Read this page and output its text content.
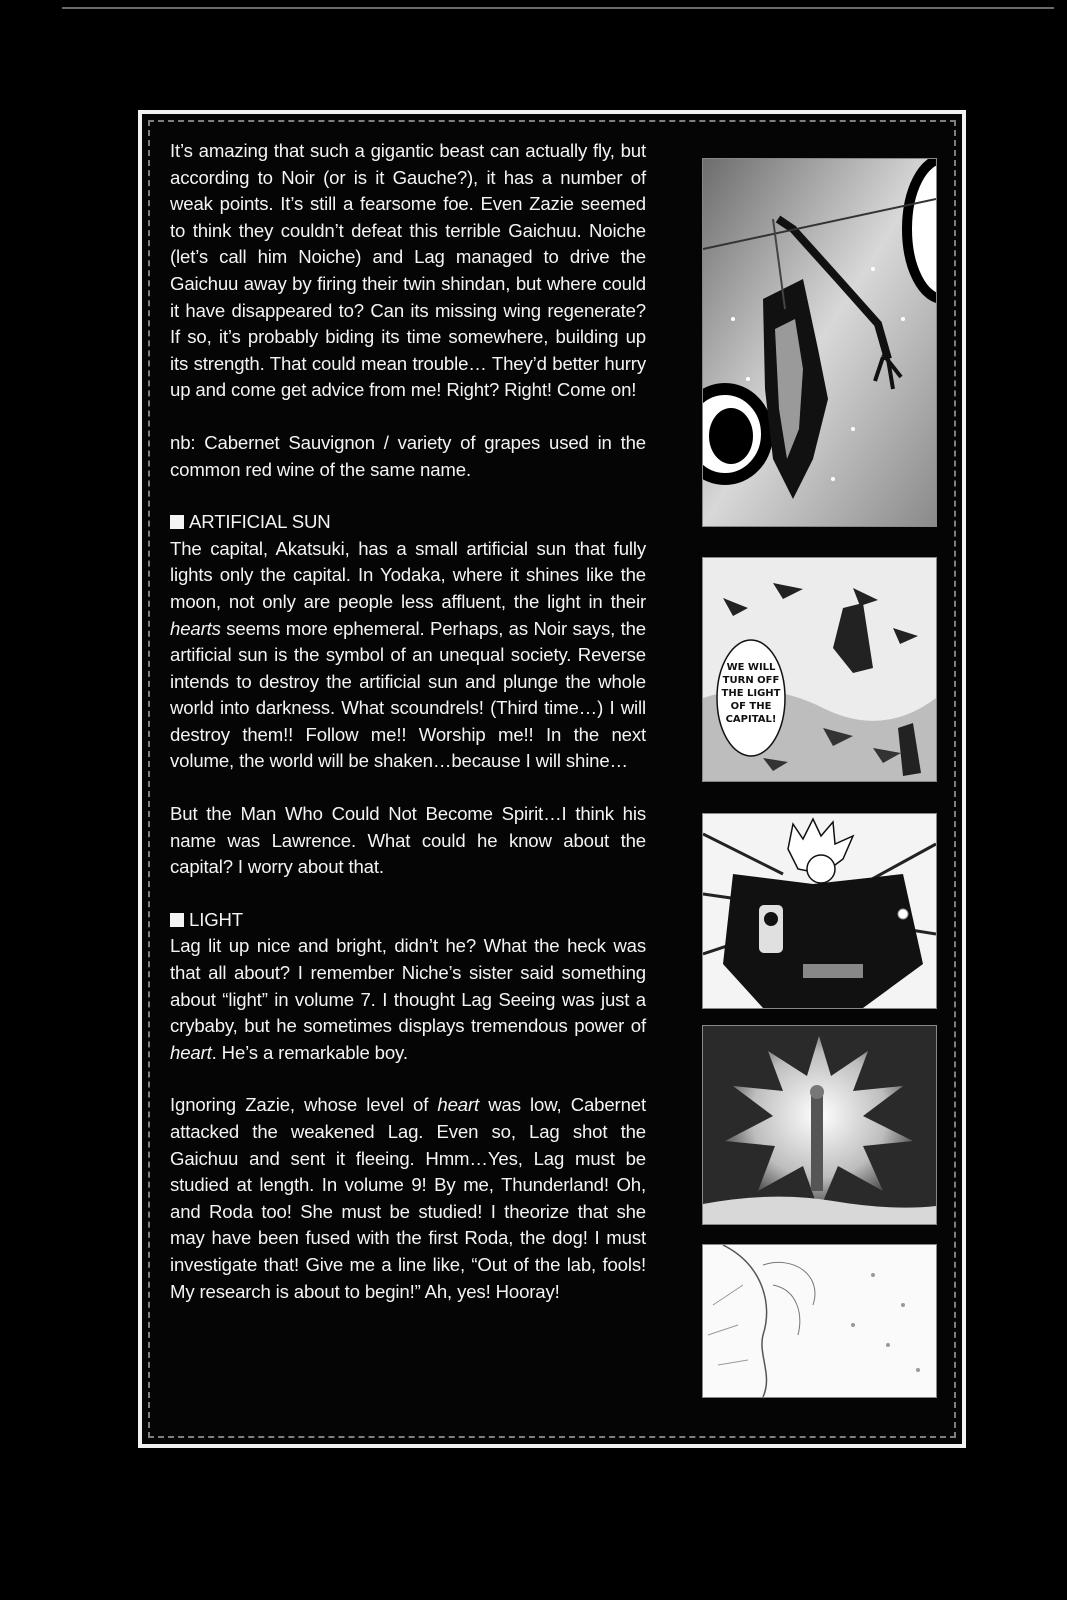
It’s amazing that such a gigantic beast can actually fly, but according to Noir (or is it Gauche?), it has a number of weak points. It’s still a fearsome foe. Even Zazie seemed to think they couldn’t defeat this terrible Gaichuu. Noiche (let’s call him Noiche) and Lag managed to drive the Gaichuu away by firing their twin shindan, but where could it have disappeared to? Can its missing wing regenerate? If so, it’s probably biding its time somewhere, building up its strength. That could mean trouble… They’d better hurry up and come get advice from me! Right? Right! Come on!

nb: Cabernet Sauvignon / variety of grapes used in the common red wine of the same name.

ARTIFICIAL SUN

The capital, Akatsuki, has a small artificial sun that fully lights only the capital. In Yodaka, where it shines like the moon, not only are people less affluent, the light in their hearts seems more ephemeral. Perhaps, as Noir says, the artificial sun is the symbol of an unequal society. Reverse intends to destroy the artificial sun and plunge the whole world into darkness. What scoundrels! (Third time…) I will destroy them!! Follow me!! Worship me!! In the next volume, the world will be shaken…because I will shine…

But the Man Who Could Not Become Spirit…I think his name was Lawrence. What could he know about the capital? I worry about that.

LIGHT

Lag lit up nice and bright, didn’t he? What the heck was that all about? I remember Niche’s sister said something about “light” in volume 7. I thought Lag Seeing was just a crybaby, but he sometimes displays tremendous power of heart. He’s a remarkable boy.

Ignoring Zazie, whose level of heart was low, Cabernet attacked the weakened Lag. Even so, Lag shot the Gaichuu and sent it fleeing. Hmm…Yes, Lag must be studied at length. In volume 9! By me, Thunderland! Oh, and Roda too! She must be studied! I theorize that she may have been fused with the first Roda, the dog! I must investigate that! Give me a line like, “Out of the lab, fools! My research is about to begin!” Ah, yes! Hooray!

WE WILL
TURN OFF
THE LIGHT
OF THE
CAPITAL!
